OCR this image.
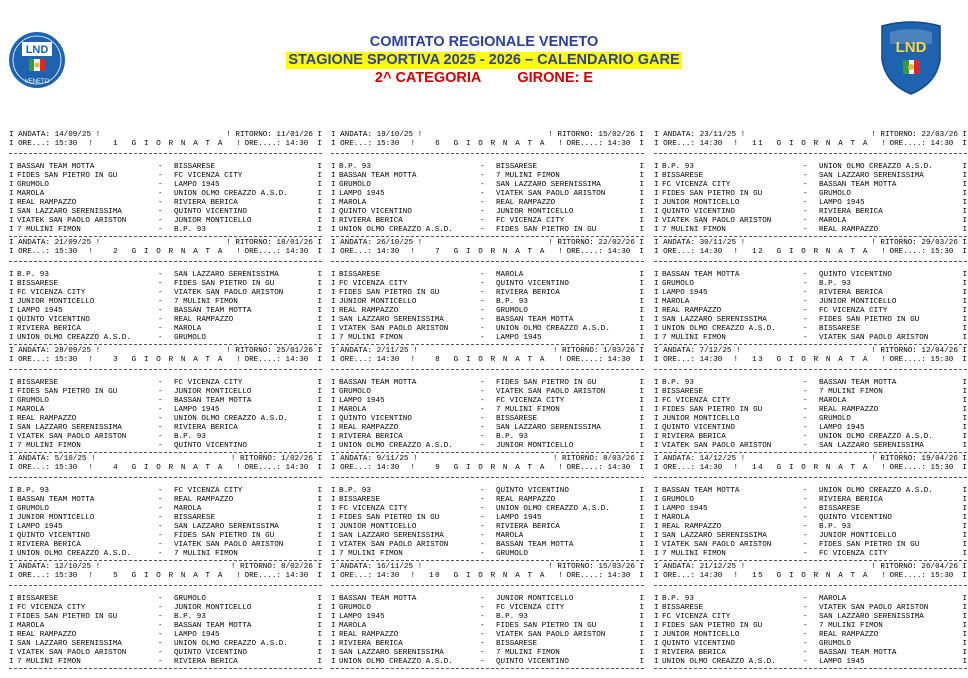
LND
VENETO
COMITATO REGIONALE VENETO
STAGIONE SPORTIVA 2025 - 2026 – CALENDARIO GARE
2^ CATEGORIA GIRONE: E
LND
I ANDATA: 14/09/25 !	! RITORNO: 11/01/26 I
I ORE...: 15:30	!   1  G I O R N A T A  ! ORE....: 14:30  I
I BASSAN TEAM MOTTA	-	BISSARESE	I
I FIDES SAN PIETRO IN GU	-	FC VICENZA CITY	I
I GRUMOLO	-	LAMPO 1945	I
I MAROLA	-	UNION OLMO CREAZZO A.S.D.	I
I REAL RAMPAZZO	-	RIVIERA BERICA	I
I SAN LAZZARO SERENISSIMA	-	QUINTO VICENTINO	I
I VIATEK SAN PAOLO ARISTON	-	JUNIOR MONTICELLO	I
I 7 MULINI FIMON	-	B.P. 93	I
I ANDATA: 21/09/25 !	! RITORNO: 18/01/26 I
I ORE...: 15:30	!   2  G I O R N A T A  ! ORE....: 14:30  I
I B.P. 93	-	SAN LAZZARO SERENISSIMA	I
I BISSARESE	-	FIDES SAN PIETRO IN GU	I
I FC VICENZA CITY	-	VIATEK SAN PAOLO ARISTON	I
I JUNIOR MONTICELLO	-	7 MULINI FIMON	I
I LAMPO 1945	-	BASSAN TEAM MOTTA	I
I QUINTO VICENTINO	-	REAL RAMPAZZO	I
I RIVIERA BERICA	-	MAROLA	I
I UNION OLMO CREAZZO A.S.D.	-	GRUMOLO	I
I ANDATA: 28/09/25 !	! RITORNO: 25/01/26 I
I ORE...: 15:30	!   3  G I O R N A T A  ! ORE....: 14:30  I
I BISSARESE	-	FC VICENZA CITY	I
I FIDES SAN PIETRO IN GU	-	JUNIOR MONTICELLO	I
I GRUMOLO	-	BASSAN TEAM MOTTA	I
I MAROLA	-	LAMPO 1945	I
I REAL RAMPAZZO	-	UNION OLMO CREAZZO A.S.D.	I
I SAN LAZZARO SERENISSIMA	-	RIVIERA BERICA	I
I VIATEK SAN PAOLO ARISTON	-	B.P. 93	I
I 7 MULINI FIMON	-	QUINTO VICENTINO	I
I ANDATA: 5/10/25 !	! RITORNO: 1/02/26 I
I ORE...: 15:30	!   4  G I O R N A T A  ! ORE....: 14:30  I
I B.P. 93	-	FC VICENZA CITY	I
I BASSAN TEAM MOTTA	-	REAL RAMPAZZO	I
I GRUMOLO	-	MAROLA	I
I JUNIOR MONTICELLO	-	BISSARESE	I
I LAMPO 1945	-	SAN LAZZARO SERENISSIMA	I
I QUINTO VICENTINO	-	FIDES SAN PIETRO IN GU	I
I RIVIERA BERICA	-	VIATEK SAN PAOLO ARISTON	I
I UNION OLMO CREAZZO A.S.D.	-	7 MULINI FIMON	I
I ANDATA: 12/10/25 !	! RITORNO: 8/02/26 I
I ORE...: 15:30	!   5  G I O R N A T A  ! ORE....: 14:30  I
I BISSARESE	-	GRUMOLO	I
I FC VICENZA CITY	-	JUNIOR MONTICELLO	I
I FIDES SAN PIETRO IN GU	-	B.P. 93	I
I MAROLA	-	BASSAN TEAM MOTTA	I
I REAL RAMPAZZO	-	LAMPO 1945	I
I SAN LAZZARO SERENISSIMA	-	UNION OLMO CREAZZO A.S.D.	I
I VIATEK SAN PAOLO ARISTON	-	QUINTO VICENTINO	I
I 7 MULINI FIMON	-	RIVIERA BERICA	I
I ANDATA: 19/10/25 !	! RITORNO: 15/02/26 I
I ORE...: 15:30	!   6  G I O R N A T A  ! ORE....: 14:30  I
I B.P. 93	-	BISSARESE	I
I BASSAN TEAM MOTTA	-	7 MULINI FIMON	I
I GRUMOLO	-	SAN LAZZARO SERENISSIMA	I
I LAMPO 1945	-	VIATEK SAN PAOLO ARISTON	I
I MAROLA	-	REAL RAMPAZZO	I
I QUINTO VICENTINO	-	JUNIOR MONTICELLO	I
I RIVIERA BERICA	-	FC VICENZA CITY	I
I UNION OLMO CREAZZO A.S.D.	-	FIDES SAN PIETRO IN GU	I
I ANDATA: 26/10/25 !	! RITORNO: 22/02/26 I
I ORE...: 14:30	!   7  G I O R N A T A  ! ORE....: 14:30  I
I BISSARESE	-	MAROLA	I
I FC VICENZA CITY	-	QUINTO VICENTINO	I
I FIDES SAN PIETRO IN GU	-	RIVIERA BERICA	I
I JUNIOR MONTICELLO	-	B.P. 93	I
I REAL RAMPAZZO	-	GRUMOLO	I
I SAN LAZZARO SERENISSIMA	-	BASSAN TEAM MOTTA	I
I VIATEK SAN PAOLO ARISTON	-	UNION OLMO CREAZZO A.S.D.	I
I 7 MULINI FIMON	-	LAMPO 1945	I
I ANDATA: 2/11/25 !	! RITORNO: 1/03/26 I
I ORE...: 14:30	!   8  G I O R N A T A  ! ORE....: 14:30  I
I BASSAN TEAM MOTTA	-	FIDES SAN PIETRO IN GU	I
I GRUMOLO	-	VIATEK SAN PAOLO ARISTON	I
I LAMPO 1945	-	FC VICENZA CITY	I
I MAROLA	-	7 MULINI FIMON	I
I QUINTO VICENTINO	-	BISSARESE	I
I REAL RAMPAZZO	-	SAN LAZZARO SERENISSIMA	I
I RIVIERA BERICA	-	B.P. 93	I
I UNION OLMO CREAZZO A.S.D.	-	JUNIOR MONTICELLO	I
I ANDATA: 9/11/25 !	! RITORNO: 8/03/26 I
I ORE...: 14:30	!   9  G I O R N A T A  ! ORE....: 14:30  I
I B.P. 93	-	QUINTO VICENTINO	I
I BISSARESE	-	REAL RAMPAZZO	I
I FC VICENZA CITY	-	UNION OLMO CREAZZO A.S.D.	I
I FIDES SAN PIETRO IN GU	-	LAMPO 1945	I
I JUNIOR MONTICELLO	-	RIVIERA BERICA	I
I SAN LAZZARO SERENISSIMA	-	MAROLA	I
I VIATEK SAN PAOLO ARISTON	-	BASSAN TEAM MOTTA	I
I 7 MULINI FIMON	-	GRUMOLO	I
I ANDATA: 16/11/25 !	! RITORNO: 15/03/26 I
I ORE...: 14:30	!  10  G I O R N A T A  ! ORE....: 14:30  I
I BASSAN TEAM MOTTA	-	JUNIOR MONTICELLO	I
I GRUMOLO	-	FC VICENZA CITY	I
I LAMPO 1945	-	B.P. 93	I
I MAROLA	-	FIDES SAN PIETRO IN GU	I
I REAL RAMPAZZO	-	VIATEK SAN PAOLO ARISTON	I
I RIVIERA BERICA	-	BISSARESE	I
I SAN LAZZARO SERENISSIMA	-	7 MULINI FIMON	I
I UNION OLMO CREAZZO A.S.D.	-	QUINTO VICENTINO	I
I ANDATA: 23/11/25 !	! RITORNO: 22/03/26 I
I ORE...: 14:30	!  11  G I O R N A T A  ! ORE....: 14:30  I
I B.P. 93	-	UNION OLMO CREAZZO A.S.D.	I
I BISSARESE	-	SAN LAZZARO SERENISSIMA	I
I FC VICENZA CITY	-	BASSAN TEAM MOTTA	I
I FIDES SAN PIETRO IN GU	-	GRUMOLO	I
I JUNIOR MONTICELLO	-	LAMPO 1945	I
I QUINTO VICENTINO	-	RIVIERA BERICA	I
I VIATEK SAN PAOLO ARISTON	-	MAROLA	I
I 7 MULINI FIMON	-	REAL RAMPAZZO	I
I ANDATA: 30/11/25 !	! RITORNO: 29/03/26 I
I ORE...: 14:30	!  12  G I O R N A T A  ! ORE....: 15:30  I
I BASSAN TEAM MOTTA	-	QUINTO VICENTINO	I
I GRUMOLO	-	B.P. 93	I
I LAMPO 1945	-	RIVIERA BERICA	I
I MAROLA	-	JUNIOR MONTICELLO	I
I REAL RAMPAZZO	-	FC VICENZA CITY	I
I SAN LAZZARO SERENISSIMA	-	FIDES SAN PIETRO IN GU	I
I UNION OLMO CREAZZO A.S.D.	-	BISSARESE	I
I 7 MULINI FIMON	-	VIATEK SAN PAOLO ARISTON	I
I ANDATA: 7/12/25 !	! RITORNO: 12/04/26 I
I ORE...: 14:30	!  13  G I O R N A T A  ! ORE....: 15:30  I
I B.P. 93	-	BASSAN TEAM MOTTA	I
I BISSARESE	-	7 MULINI FIMON	I
I FC VICENZA CITY	-	MAROLA	I
I FIDES SAN PIETRO IN GU	-	REAL RAMPAZZO	I
I JUNIOR MONTICELLO	-	GRUMOLO	I
I QUINTO VICENTINO	-	LAMPO 1945	I
I RIVIERA BERICA	-	UNION OLMO CREAZZO A.S.D.	I
I VIATEK SAN PAOLO ARISTON	-	SAN LAZZARO SERENISSIMA	I
I ANDATA: 14/12/25 !	! RITORNO: 19/04/26 I
I ORE...: 14:30	!  14  G I O R N A T A  ! ORE....: 15:30  I
I BASSAN TEAM MOTTA	-	UNION OLMO CREAZZO A.S.D.	I
I GRUMOLO	-	RIVIERA BERICA	I
I LAMPO 1945	-	BISSARESE	I
I MAROLA	-	QUINTO VICENTINO	I
I REAL RAMPAZZO	-	B.P. 93	I
I SAN LAZZARO SERENISSIMA	-	JUNIOR MONTICELLO	I
I VIATEK SAN PAOLO ARISTON	-	FIDES SAN PIETRO IN GU	I
I 7 MULINI FIMON	-	FC VICENZA CITY	I
I ANDATA: 21/12/25 !	! RITORNO: 26/04/26 I
I ORE...: 14:30	!  15  G I O R N A T A  ! ORE....: 15:30  I
I B.P. 93	-	MAROLA	I
I BISSARESE	-	VIATEK SAN PAOLO ARISTON	I
I FC VICENZA CITY	-	SAN LAZZARO SERENISSIMA	I
I FIDES SAN PIETRO IN GU	-	7 MULINI FIMON	I
I JUNIOR MONTICELLO	-	REAL RAMPAZZO	I
I QUINTO VICENTINO	-	GRUMOLO	I
I RIVIERA BERICA	-	BASSAN TEAM MOTTA	I
I UNION OLMO CREAZZO A.S.D.	-	LAMPO 1945	I
